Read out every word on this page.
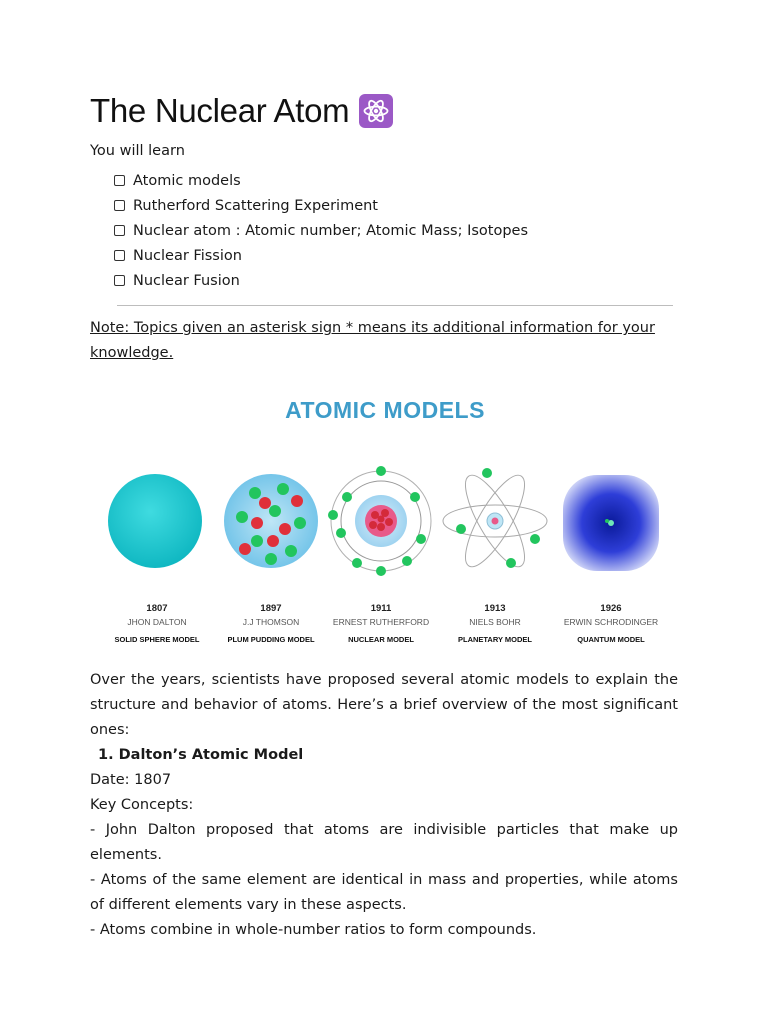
The Nuclear Atom
You will learn
Atomic models
Rutherford Scattering Experiment
Nuclear atom : Atomic number; Atomic Mass; Isotopes
Nuclear Fission
Nuclear Fusion
Note: Topics given an asterisk sign * means its additional information for your knowledge.
ATOMIC MODELS
1807
JHON DALTON
SOLID SPHERE MODEL
1897
J.J THOMSON
PLUM PUDDING MODEL
1911
ERNEST RUTHERFORD
NUCLEAR MODEL
1913
NIELS BOHR
PLANETARY MODEL
1926
ERWIN SCHRODINGER
QUANTUM MODEL

Over the years, scientists have proposed several atomic models to explain the structure and behavior of atoms. Here’s a brief overview of the most significant ones:

1. Dalton’s Atomic Model

Date: 1807

Key Concepts:

- John Dalton proposed that atoms are indivisible particles that make up elements.

- Atoms of the same element are identical in mass and properties, while atoms of different elements vary in these aspects.

- Atoms combine in whole-number ratios to form compounds.
